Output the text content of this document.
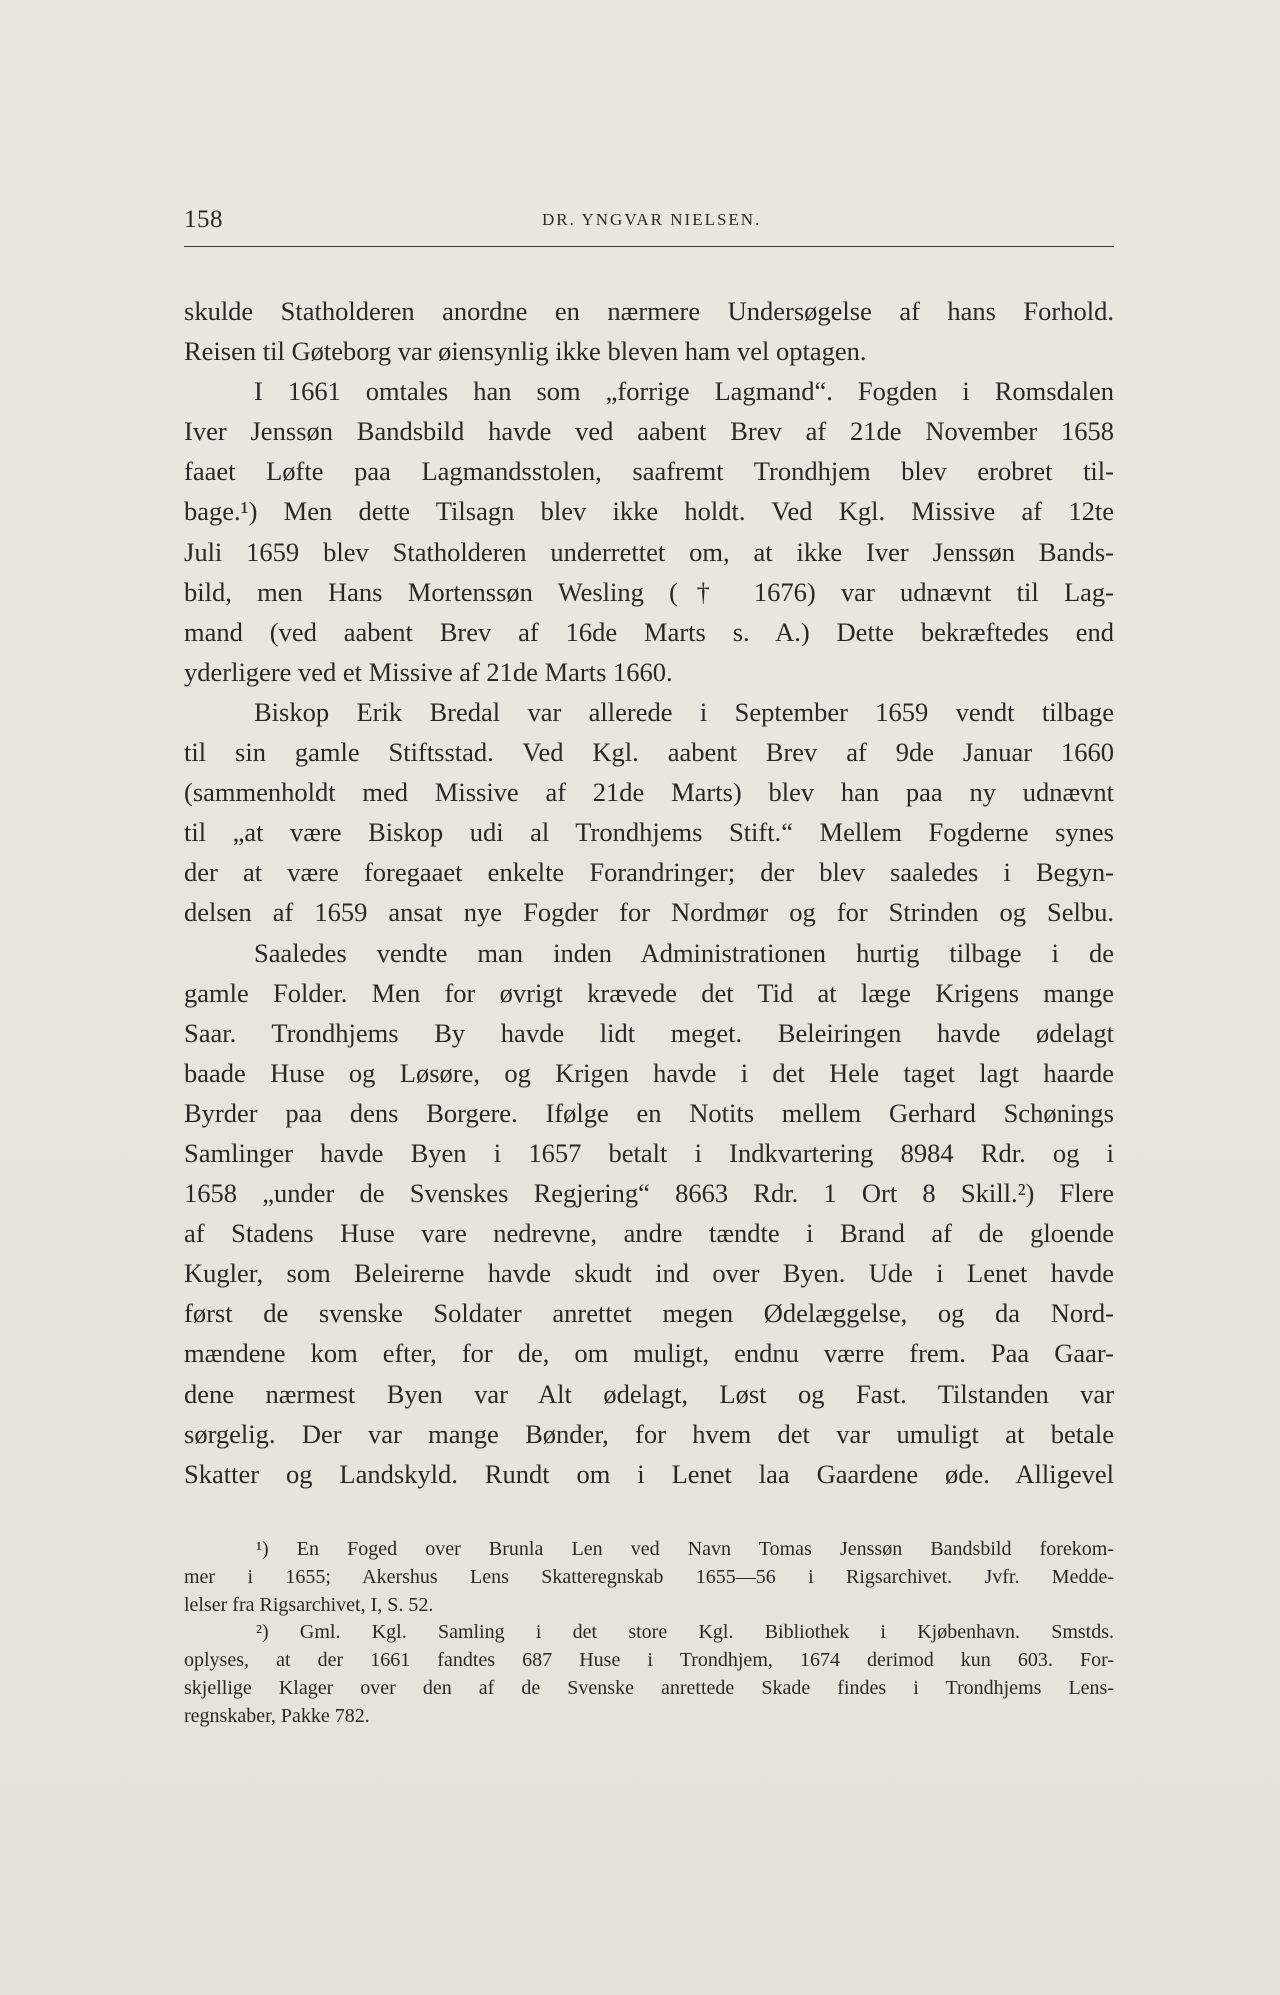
158	DR. YNGVAR NIELSEN.
skulde Statholderen anordne en nærmere Undersøgelse af hans Forhold.
Reisen til Gøteborg var øiensynlig ikke bleven ham vel optagen.
I 1661 omtales han som „forrige Lagmand“. Fogden i Romsdalen
Iver Jenssøn Bandsbild havde ved aabent Brev af 21de November 1658
faaet Løfte paa Lagmandsstolen, saafremt Trondhjem blev erobret til-
bage.¹) Men dette Tilsagn blev ikke holdt. Ved Kgl. Missive af 12te
Juli 1659 blev Statholderen underrettet om, at ikke Iver Jenssøn Bands-
bild, men Hans Mortenssøn Wesling († 1676) var udnævnt til Lag-
mand (ved aabent Brev af 16de Marts s. A.) Dette bekræftedes end
yderligere ved et Missive af 21de Marts 1660.
Biskop Erik Bredal var allerede i September 1659 vendt tilbage
til sin gamle Stiftsstad. Ved Kgl. aabent Brev af 9de Januar 1660
(sammenholdt med Missive af 21de Marts) blev han paa ny udnævnt
til „at være Biskop udi al Trondhjems Stift.“ Mellem Fogderne synes
der at være foregaaet enkelte Forandringer; der blev saaledes i Begyn-
delsen af 1659 ansat nye Fogder for Nordmør og for Strinden og Selbu.
Saaledes vendte man inden Administrationen hurtig tilbage i de
gamle Folder. Men for øvrigt krævede det Tid at læge Krigens mange
Saar. Trondhjems By havde lidt meget. Beleiringen havde ødelagt
baade Huse og Løsøre, og Krigen havde i det Hele taget lagt haarde
Byrder paa dens Borgere. Ifølge en Notits mellem Gerhard Schønings
Samlinger havde Byen i 1657 betalt i Indkvartering 8984 Rdr. og i
1658 „under de Svenskes Regjering“ 8663 Rdr. 1 Ort 8 Skill.²) Flere
af Stadens Huse vare nedrevne, andre tændte i Brand af de gloende
Kugler, som Beleirerne havde skudt ind over Byen. Ude i Lenet havde
først de svenske Soldater anrettet megen Ødelæggelse, og da Nord-
mændene kom efter, for de, om muligt, endnu værre frem. Paa Gaar-
dene nærmest Byen var Alt ødelagt, Løst og Fast. Tilstanden var
sørgelig. Der var mange Bønder, for hvem det var umuligt at betale
Skatter og Landskyld. Rundt om i Lenet laa Gaardene øde. Alligevel
¹) En Foged over Brunla Len ved Navn Tomas Jenssøn Bandsbild forekom-
mer i 1655; Akershus Lens Skatteregnskab 1655—56 i Rigsarchivet. Jvfr. Medde-
lelser fra Rigsarchivet, I, S. 52.
²) Gml. Kgl. Samling i det store Kgl. Bibliothek i Kjøbenhavn. Smstds.
oplyses, at der 1661 fandtes 687 Huse i Trondhjem, 1674 derimod kun 603. For-
skjellige Klager over den af de Svenske anrettede Skade findes i Trondhjems Lens-
regnskaber, Pakke 782.
